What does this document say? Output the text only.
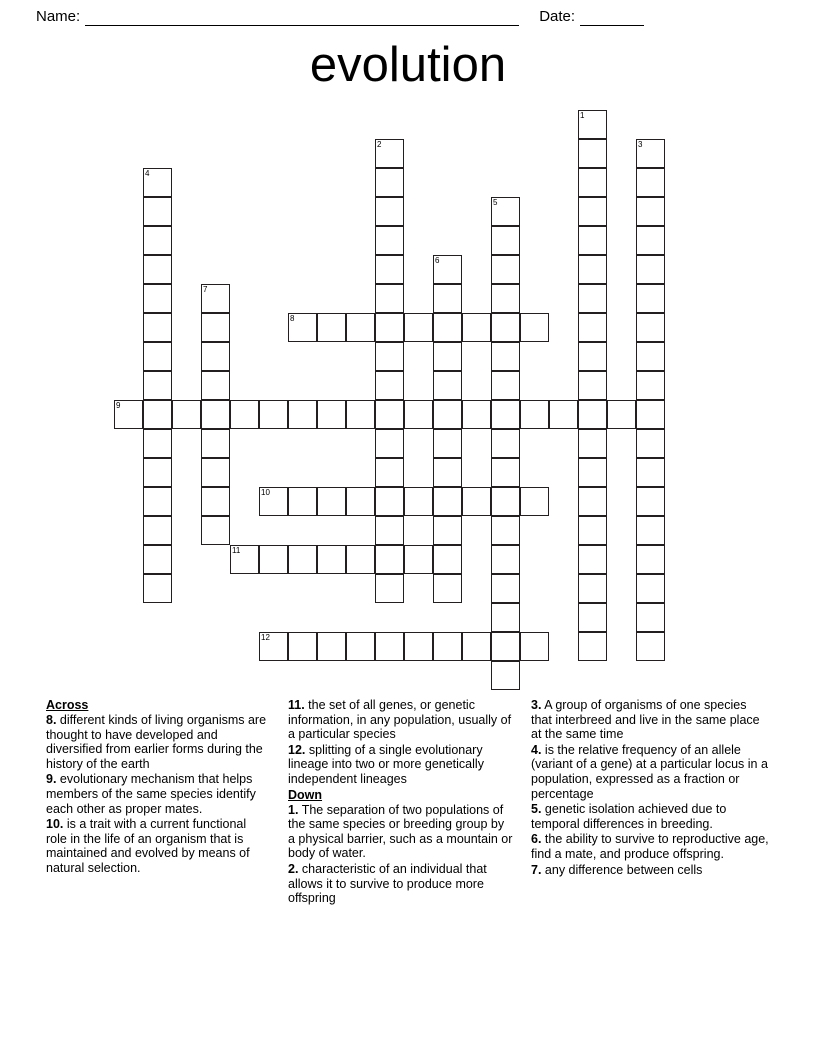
Name:	Date:
evolution
1
2	3
4
5
6
7
8
9
10
11
12
Across
8. different kinds of living organisms are thought to have developed and diversified from earlier forms during the history of the earth
9. evolutionary mechanism that helps members of the same species identify each other as proper mates.
10. is a trait with a current functional role in the life of an organism that is maintained and evolved by means of natural selection.
11. the set of all genes, or genetic information, in any population, usually of a particular species
12. splitting of a single evolutionary lineage into two or more genetically independent lineages
Down
1. The separation of two populations of the same species or breeding group by a physical barrier, such as a mountain or body of water.
2. characteristic of an individual that allows it to survive to produce more offspring
3. A group of organisms of one species that interbreed and live in the same place at the same time
4. is the relative frequency of an allele (variant of a gene) at a particular locus in a population, expressed as a fraction or percentage
5. genetic isolation achieved due to temporal differences in breeding.
6. the ability to survive to reproductive age, find a mate, and produce offspring.
7. any difference between cells
